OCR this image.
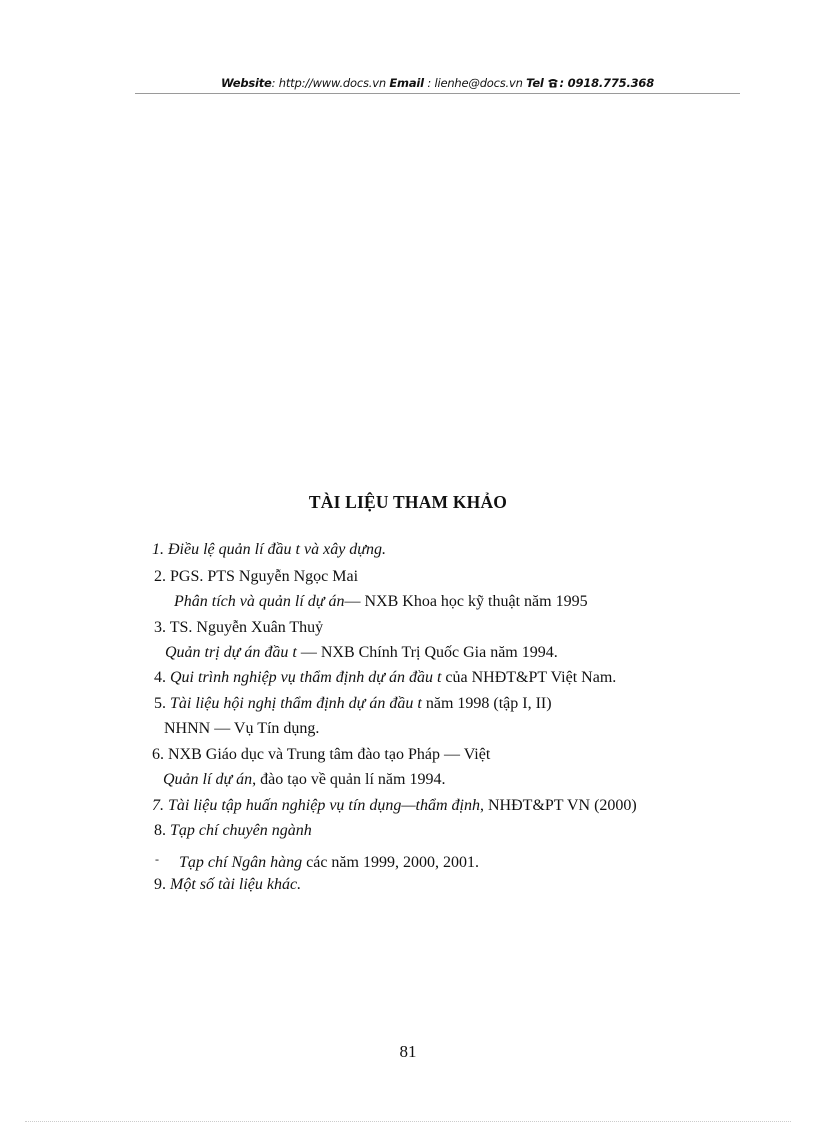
Website: http://www.docs.vn Email : lienhe@docs.vn Tel : 0918.775.368
TÀI LIỆU THAM KHẢO
1. Điều lệ quản lí đầu t và xây dựng.
2. PGS. PTS Nguyễn Ngọc Mai
Phân tích và quản lí dự án— NXB Khoa học kỹ thuật năm 1995
3. TS. Nguyễn Xuân Thuỷ
Quản trị dự án đầu t — NXB Chính Trị Quốc Gia năm 1994.
4. Qui trình nghiệp vụ thẩm định dự án đầu t của NHĐT&PT Việt Nam.
5. Tài liệu hội nghị thẩm định dự án đầu t năm 1998 (tập I, II)
NHNN — Vụ Tín dụng.
6. NXB Giáo dục và Trung tâm đào tạo Pháp — Việt
Quản lí dự án, đào tạo về quản lí năm 1994.
7. Tài liệu tập huấn nghiệp vụ tín dụng—thẩm định, NHĐT&PT VN (2000)
8. Tạp chí chuyên ngành
- Tạp chí Ngân hàng các năm 1999, 2000, 2001.
9. Một số tài liệu khác.
81
